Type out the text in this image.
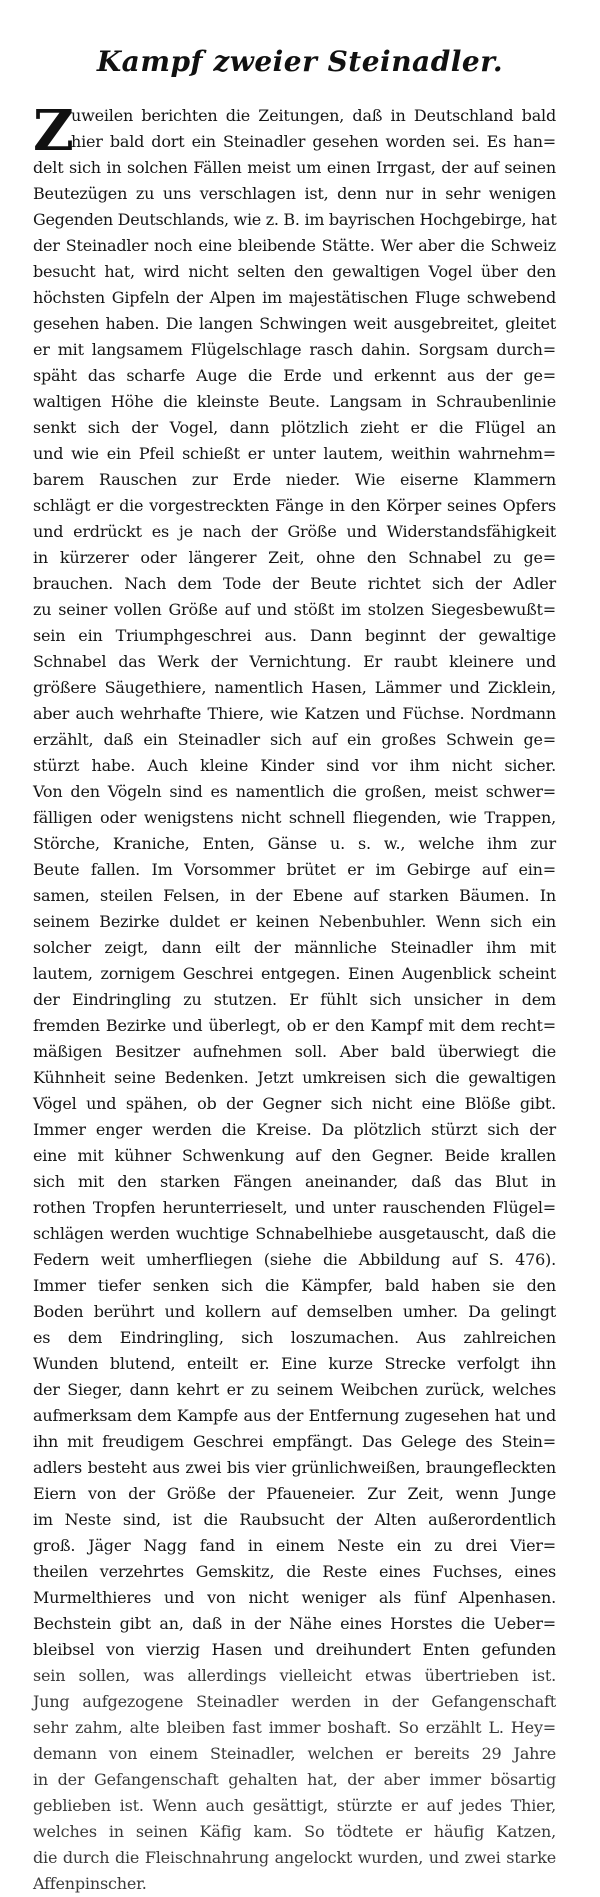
Kampf zweier Steinadler.
Z
uweilen berichten die Zeitungen, daß in Deutschland bald
hier bald dort ein Steinadler gesehen worden sei. Es han=
delt sich in solchen Fällen meist um einen Irrgast, der auf seinen
Beutezügen zu uns verschlagen ist, denn nur in sehr wenigen
Gegenden Deutschlands, wie z. B. im bayrischen Hochgebirge, hat
der Steinadler noch eine bleibende Stätte. Wer aber die Schweiz
besucht hat, wird nicht selten den gewaltigen Vogel über den
höchsten Gipfeln der Alpen im majestätischen Fluge schwebend
gesehen haben. Die langen Schwingen weit ausgebreitet, gleitet
er mit langsamem Flügelschlage rasch dahin. Sorgsam durch=
späht das scharfe Auge die Erde und erkennt aus der ge=
waltigen Höhe die kleinste Beute. Langsam in Schraubenlinie
senkt sich der Vogel, dann plötzlich zieht er die Flügel an
und wie ein Pfeil schießt er unter lautem, weithin wahrnehm=
barem Rauschen zur Erde nieder. Wie eiserne Klammern
schlägt er die vorgestreckten Fänge in den Körper seines Opfers
und erdrückt es je nach der Größe und Widerstandsfähigkeit
in kürzerer oder längerer Zeit, ohne den Schnabel zu ge=
brauchen. Nach dem Tode der Beute richtet sich der Adler
zu seiner vollen Größe auf und stößt im stolzen Siegesbewußt=
sein ein Triumphgeschrei aus. Dann beginnt der gewaltige
Schnabel das Werk der Vernichtung. Er raubt kleinere und
größere Säugethiere, namentlich Hasen, Lämmer und Zicklein,
aber auch wehrhafte Thiere, wie Katzen und Füchse. Nordmann
erzählt, daß ein Steinadler sich auf ein großes Schwein ge=
stürzt habe. Auch kleine Kinder sind vor ihm nicht sicher.
Von den Vögeln sind es namentlich die großen, meist schwer=
fälligen oder wenigstens nicht schnell fliegenden, wie Trappen,
Störche, Kraniche, Enten, Gänse u. s. w., welche ihm zur
Beute fallen. Im Vorsommer brütet er im Gebirge auf ein=
samen, steilen Felsen, in der Ebene auf starken Bäumen. In
seinem Bezirke duldet er keinen Nebenbuhler. Wenn sich ein
solcher zeigt, dann eilt der männliche Steinadler ihm mit
lautem, zornigem Geschrei entgegen. Einen Augenblick scheint
der Eindringling zu stutzen. Er fühlt sich unsicher in dem
fremden Bezirke und überlegt, ob er den Kampf mit dem recht=
mäßigen Besitzer aufnehmen soll. Aber bald überwiegt die
Kühnheit seine Bedenken. Jetzt umkreisen sich die gewaltigen
Vögel und spähen, ob der Gegner sich nicht eine Blöße gibt.
Immer enger werden die Kreise. Da plötzlich stürzt sich der
eine mit kühner Schwenkung auf den Gegner. Beide krallen
sich mit den starken Fängen aneinander, daß das Blut in
rothen Tropfen herunterrieselt, und unter rauschenden Flügel=
schlägen werden wuchtige Schnabelhiebe ausgetauscht, daß die
Federn weit umherfliegen (siehe die Abbildung auf S. 476).
Immer tiefer senken sich die Kämpfer, bald haben sie den
Boden berührt und kollern auf demselben umher. Da gelingt
es dem Eindringling, sich loszumachen. Aus zahlreichen
Wunden blutend, enteilt er. Eine kurze Strecke verfolgt ihn
der Sieger, dann kehrt er zu seinem Weibchen zurück, welches
aufmerksam dem Kampfe aus der Entfernung zugesehen hat und
ihn mit freudigem Geschrei empfängt. Das Gelege des Stein=
adlers besteht aus zwei bis vier grünlichweißen, braungefleckten
Eiern von der Größe der Pfaueneier. Zur Zeit, wenn Junge
im Neste sind, ist die Raubsucht der Alten außerordentlich
groß. Jäger Nagg fand in einem Neste ein zu drei Vier=
theilen verzehrtes Gemskitz, die Reste eines Fuchses, eines
Murmelthieres und von nicht weniger als fünf Alpenhasen.
Bechstein gibt an, daß in der Nähe eines Horstes die Ueber=
bleibsel von vierzig Hasen und dreihundert Enten gefunden
sein sollen, was allerdings vielleicht etwas übertrieben ist.
Jung aufgezogene Steinadler werden in der Gefangenschaft
sehr zahm, alte bleiben fast immer boshaft. So erzählt L. Hey=
demann von einem Steinadler, welchen er bereits 29 Jahre
in der Gefangenschaft gehalten hat, der aber immer bösartig
geblieben ist. Wenn auch gesättigt, stürzte er auf jedes Thier,
welches in seinen Käfig kam. So tödtete er häufig Katzen,
die durch die Fleischnahrung angelockt wurden, und zwei starke
Affenpinscher.
